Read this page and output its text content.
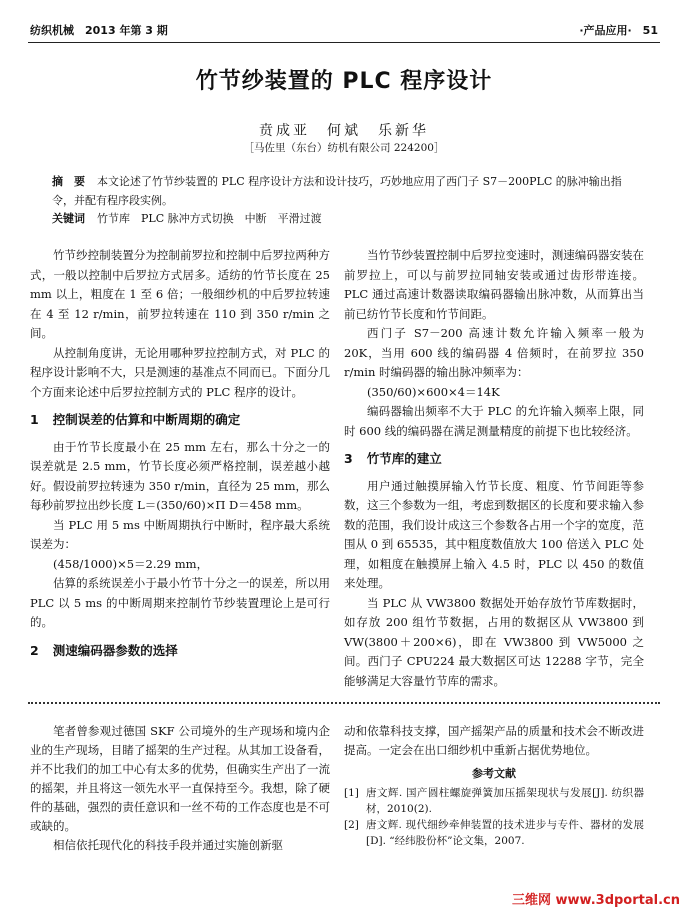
纺织机械　2013 年第 3 期	·产品应用·　51
竹节纱装置的 PLC 程序设计
贲成亚　何斌　乐新华
［马佐里（东台）纺机有限公司 224200］
摘　要 本文论述了竹节纱装置的 PLC 程序设计方法和设计技巧，巧妙地应用了西门子 S7－200PLC 的脉冲输出指令，并配有程序段实例。
关键词 竹节库　PLC 脉冲方式切换　中断　平滑过渡

竹节纱控制装置分为控制前罗拉和控制中后罗拉两种方式，一般以控制中后罗拉方式居多。适纺的竹节长度在 25 mm 以上，粗度在 1 至 6 倍；一般细纱机的中后罗拉转速在 4 至 12 r/min，前罗拉转速在 110 到 350 r/min 之间。

从控制角度讲，无论用哪种罗拉控制方式，对 PLC 的程序设计影响不大，只是测速的基准点不同而已。下面分几个方面来论述中后罗拉控制方式的 PLC 程序的设计。

1 控制误差的估算和中断周期的确定

由于竹节长度最小在 25 mm 左右，那么十分之一的误差就是 2.5 mm，竹节长度必须严格控制，误差越小越好。假设前罗拉转速为 350 r/min，直径为 25 mm，那么每秒前罗拉出纱长度 L＝(350/60)×Π D＝458 mm。

当 PLC 用 5 ms 中断周期执行中断时，程序最大系统误差为：

(458/1000)×5＝2.29 mm，

估算的系统误差小于最小竹节十分之一的误差，所以用 PLC 以 5 ms 的中断周期来控制竹节纱装置理论上是可行的。

2 测速编码器参数的选择

当竹节纱装置控制中后罗拉变速时，测速编码器安装在前罗拉上，可以与前罗拉同轴安装或通过齿形带连接。PLC 通过高速计数器读取编码器输出脉冲数，从而算出当前已纺竹节长度和竹节间距。

西门子 S7－200 高速计数允许输入频率一般为 20K，当用 600 线的编码器 4 倍频时，在前罗拉 350 r/min 时编码器的输出脉冲频率为：

(350/60)×600×4＝14K

编码器输出频率不大于 PLC 的允许输入频率上限，同时 600 线的编码器在满足测量精度的前提下也比较经济。

3 竹节库的建立

用户通过触摸屏输入竹节长度、粗度、竹节间距等参数，这三个参数为一组，考虑到数据区的长度和要求输入参数的范围，我们设计成这三个参数各占用一个字的宽度，范围从 0 到 65535，其中粗度数值放大 100 倍送入 PLC 处理，如粗度在触摸屏上输入 4.5 时，PLC 以 450 的数值来处理。

当 PLC 从 VW3800 数据处开始存放竹节库数据时，如存放 200 组竹节数据，占用的数据区从 VW3800 到 VW(3800＋200×6)，即在 VW3800 到 VW5000 之间。西门子 CPU224 最大数据区可达 12288 字节，完全能够满足大容量竹节库的需求。

笔者曾参观过德国 SKF 公司境外的生产现场和境内企业的生产现场，目睹了摇架的生产过程。从其加工设备看，并不比我们的加工中心有太多的优势，但确实生产出了一流的摇架，并且将这一领先水平一直保持至今。我想，除了硬件的基础，强烈的责任意识和一丝不苟的工作态度也是不可或缺的。

相信依托现代化的科技手段并通过实施创新驱

动和依靠科技支撑，国产摇架产品的质量和技术会不断改进提高。一定会在出口细纱机中重新占据优势地位。

参考文献
[1] 唐文辉. 国产圆柱螺旋弹簧加压摇架现状与发展[J]. 纺织器材，2010(2).
[2] 唐文辉. 现代细纱牵伸装置的技术进步与专件、器材的发展[D]. “经纬股份杯”论文集，2007.
三维网 www.3dportal.cn
